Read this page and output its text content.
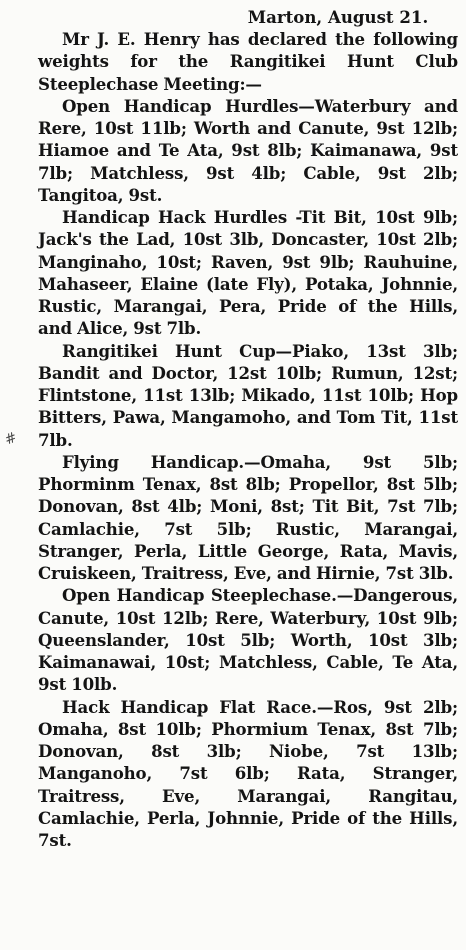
Marton, August 21.

Mr J. E. Henry has declared the following weights for the Rangitikei Hunt Club Steeplechase Meeting:—

Open Handicap Hurdles—Waterbury and Rere, 10st 11lb; Worth and Canute, 9st 12lb; Hiamoe and Te Ata, 9st 8lb; Kaimanawa, 9st 7lb; Matchless, 9st 4lb; Cable, 9st 2lb; Tangitoa, 9st.

Handicap Hack Hurdles -Tit Bit, 10st 9lb; Jack's the Lad, 10st 3lb, Doncaster, 10st 2lb; Manginaho, 10st; Raven, 9st 9lb; Rauhuine, Mahaseer, Elaine (late Fly), Potaka, Johnnie, Rustic, Marangai, Pera, Pride of the Hills, and Alice, 9st 7lb.

Rangitikei Hunt Cup—Piako, 13st 3lb; Bandit and Doctor, 12st 10lb; Rumun, 12st; Flintstone, 11st 13lb; Mikado, 11st 10lb; Hop Bitters, Pawa, Mangamoho, and Tom Tit, 11st 7lb.

Flying Handicap.—Omaha, 9st 5lb; Phorminm Tenax, 8st 8lb; Propellor, 8st 5lb; Donovan, 8st 4lb; Moni, 8st; Tit Bit, 7st 7lb; Camlachie, 7st 5lb; Rustic, Marangai, Stranger, Perla, Little George, Rata, Mavis, Cruiskeen, Traitress, Eve, and Hirnie, 7st 3lb.

Open Handicap Steeplechase.—Dangerous, Canute, 10st 12lb; Rere, Waterbury, 10st 9lb; Queenslander, 10st 5lb; Worth, 10st 3lb; Kaimanawai, 10st; Matchless, Cable, Te Ata, 9st 10lb.

Hack Handicap Flat Race.—Ros, 9st 2lb; Omaha, 8st 10lb; Phormium Tenax, 8st 7lb; Donovan, 8st 3lb; Niobe, 7st 13lb; Manganoho, 7st 6lb; Rata, Stranger, Traitress, Eve, Marangai, Rangitau, Camlachie, Perla, Johnnie, Pride of the Hills, 7st.

#
